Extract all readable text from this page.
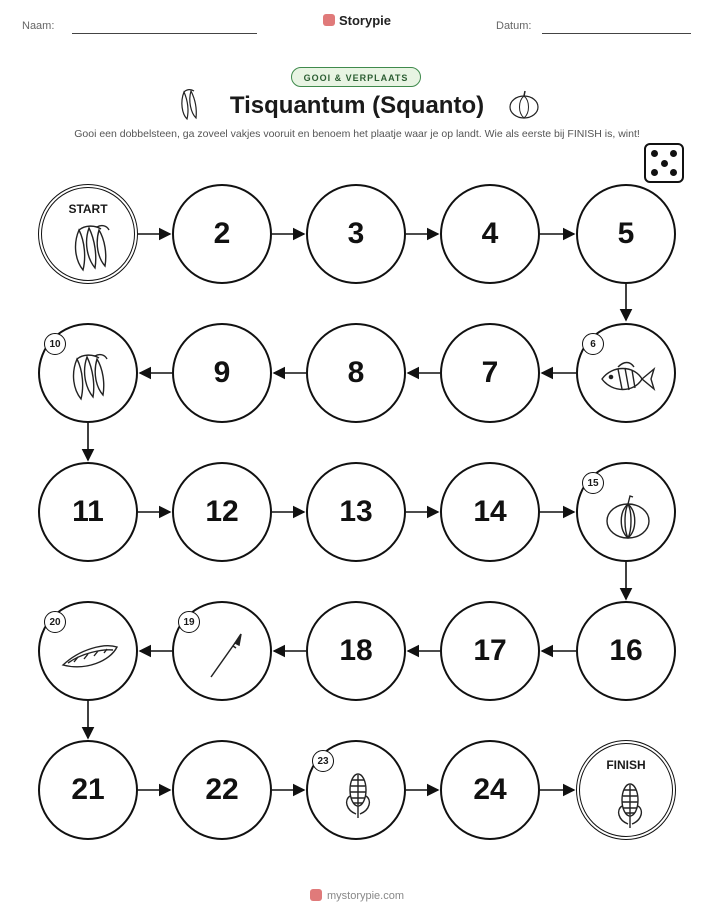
Naam:	Storypie	Datum:
GOOI & VERPLAATS
Tisquantum (Squanto)
Gooi een dobbelsteen, ga zoveel vakjes vooruit en benoem het plaatje waar je op landt. Wie als eerste bij FINISH is, wint!
START
2	3	4	5
6
7
8
9
10
11	12	13	14
15
16
17
18
19
20
21	22
23
24
FINISH
mystorypie.com
